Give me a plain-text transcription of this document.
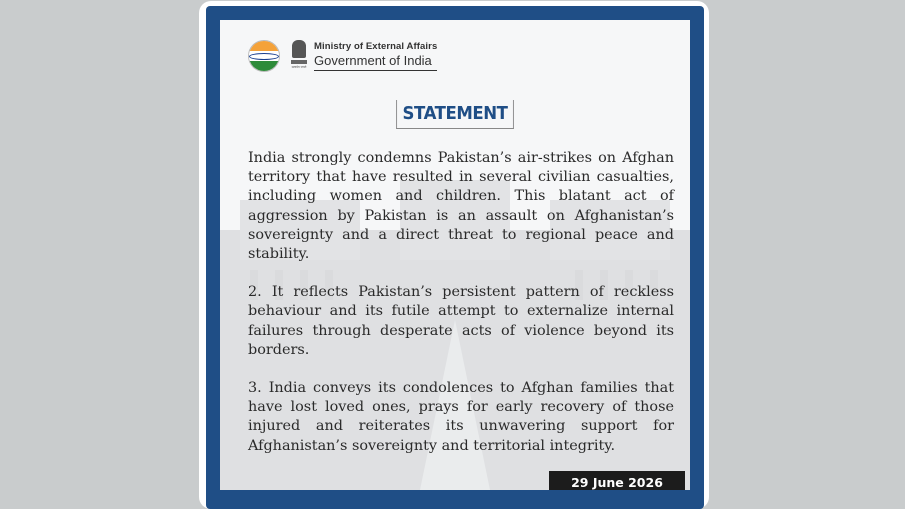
सत्यमेव जयते
Ministry of External Affairs
Government of India
STATEMENT

India strongly condemns Pakistan’s air-strikes on Afghan territory that have resulted in several civilian casualties, including women and children. This blatant act of aggression by Pakistan is an assault on Afghanistan’s sovereignty and a direct threat to regional peace and stability.

2. It reflects Pakistan’s persistent pattern of reckless behaviour and its futile attempt to externalize internal failures through desperate acts of violence beyond its borders.

3. India conveys its condolences to Afghan families that have lost loved ones, prays for early recovery of those injured and reiterates its unwavering support for Afghanistan’s sovereignty and territorial integrity.

29 June 2026
